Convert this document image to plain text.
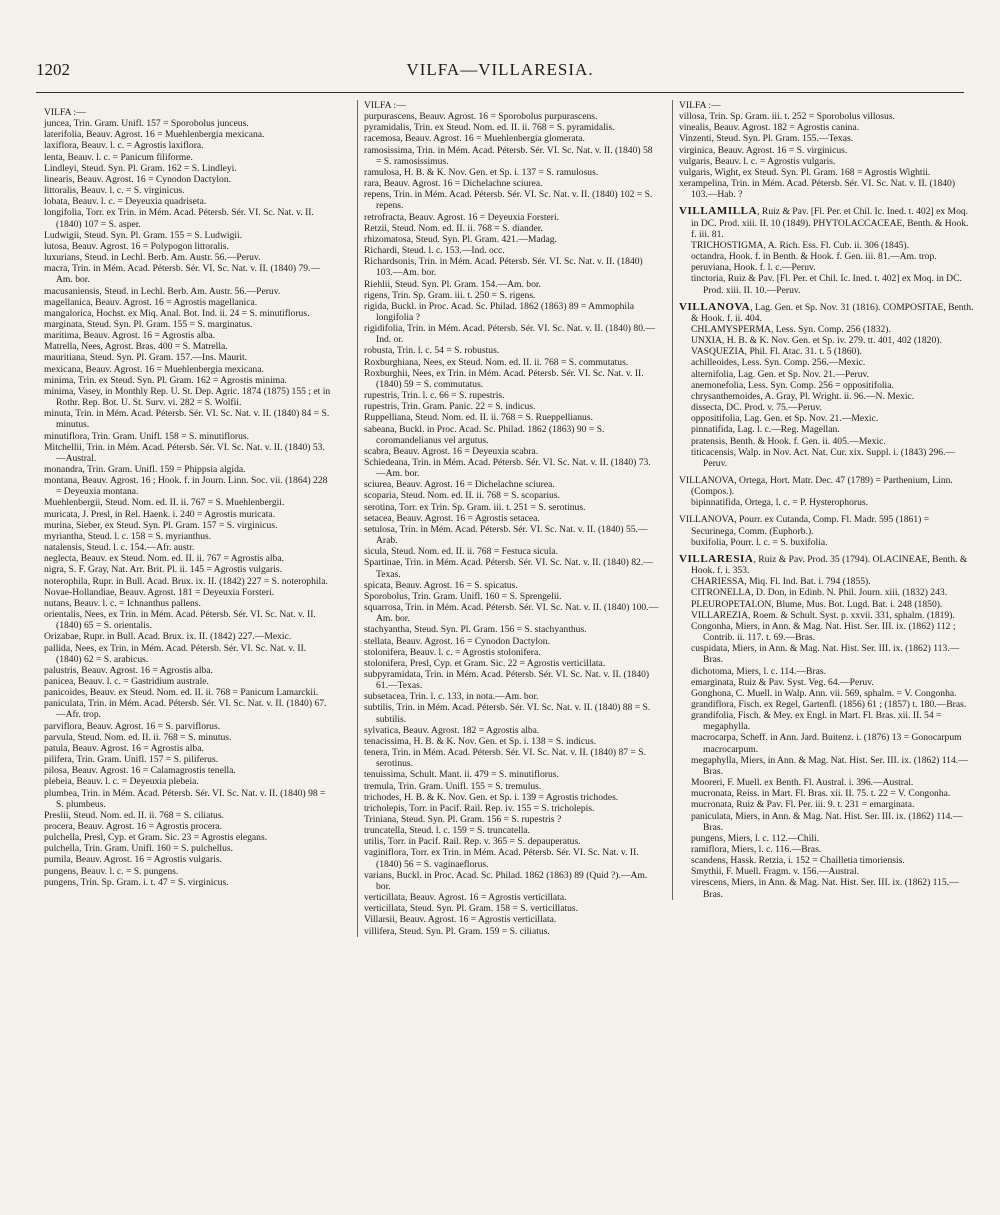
1202	VILFA—VILLARESIA.

VILFA :—

juncea, Trin. Gram. Unifl. 157 = Sporobolus junceus.

laterifolia, Beauv. Agrost. 16 = Muehlenbergia mexicana.

laxiflora, Beauv. l. c. = Agrostis laxiflora.

lenta, Beauv. l. c. = Panicum filiforme.

Lindleyi, Steud. Syn. Pl. Gram. 162 = S. Lindleyi.

linearis, Beauv. Agrost. 16 = Cynodon Dactylon.

littoralis, Beauv. l. c. = S. virginicus.

lobata, Beauv. l. c. = Deyeuxia quadriseta.

longifolia, Torr. ex Trin. in Mém. Acad. Pétersb. Sér. VI. Sc. Nat. v. II. (1840) 107 = S. asper.

Ludwigii, Steud. Syn. Pl. Gram. 155 = S. Ludwigii.

lutosa, Beauv. Agrost. 16 = Polypogon littoralis.

luxurians, Steud. in Lechl. Berb. Am. Austr. 56.—Peruv.

macra, Trin. in Mém. Acad. Pétersb. Sér. VI. Sc. Nat. v. II. (1840) 79.—Am. bor.

macusaniensis, Steud. in Lechl. Berb. Am. Austr. 56.—Peruv.

magellanica, Beauv. Agrost. 16 = Agrostis magellanica.

mangalorica, Hochst. ex Miq. Anal. Bot. Ind. ii. 24 = S. minutiflorus.

marginata, Steud. Syn. Pl. Gram. 155 = S. marginatus.

maritima, Beauv. Agrost. 16 = Agrostis alba.

Matrella, Nees, Agrost. Bras. 400 = S. Matrella.

mauritiana, Steud. Syn. Pl. Gram. 157.—Ins. Maurit.

mexicana, Beauv. Agrost. 16 = Muehlenbergia mexicana.

minima, Trin. ex Steud. Syn. Pl. Gram. 162 = Agrostis minima.

minima, Vasey, in Monthly Rep. U. St. Dep. Agric. 1874 (1875) 155 ; et in Rothr. Rep. Bot. U. St. Surv. vi. 282 = S. Wolfii.

minuta, Trin. in Mém. Acad. Pétersb. Sér. VI. Sc. Nat. v. II. (1840) 84 = S. minutus.

minutiflora, Trin. Gram. Unifl. 158 = S. minutiflorus.

Mitchellii, Trin. in Mém. Acad. Pétersb. Sér. VI. Sc. Nat. v. II. (1840) 53.—Austral.

monandra, Trin. Gram. Unifl. 159 = Phippsia algida.

montana, Beauv. Agrost. 16 ; Hook. f. in Journ. Linn. Soc. vii. (1864) 228 = Deyeuxia montana.

Muehlenbergii, Steud. Nom. ed. II. ii. 767 = S. Muehlenbergii.

muricata, J. Presl, in Rel. Haenk. i. 240 = Agrostis muricata.

murina, Sieber, ex Steud. Syn. Pl. Gram. 157 = S. virginicus.

myriantha, Steud. l. c. 158 = S. myrianthus.

natalensis, Steud. l. c. 154.—Afr. austr.

neglecta, Beauv. ex Steud. Nom. ed. II. ii. 767 = Agrostis alba.

nigra, S. F. Gray, Nat. Arr. Brit. Pl. ii. 145 = Agrostis vulgaris.

noterophila, Rupr. in Bull. Acad. Brux. ix. II. (1842) 227 = S. noterophila.

Novae-Hollandiae, Beauv. Agrost. 181 = Deyeuxia Forsteri.

nutans, Beauv. l. c. = Ichnanthus pallens.

orientalis, Nees, ex Trin. in Mém. Acad. Pétersb. Sér. VI. Sc. Nat. v. II. (1840) 65 = S. orientalis.

Orizabae, Rupr. in Bull. Acad. Brux. ix. II. (1842) 227.—Mexic.

pallida, Nees, ex Trin. in Mém. Acad. Pétersb. Sér. VI. Sc. Nat. v. II. (1840) 62 = S. arabicus.

palustris, Beauv. Agrost. 16 = Agrostis alba.

panicea, Beauv. l. c. = Gastridium australe.

panicoides, Beauv. ex Steud. Nom. ed. II. ii. 768 = Panicum Lamarckii.

paniculata, Trin. in Mém. Acad. Pétersb. Sér. VI. Sc. Nat. v. II. (1840) 67.—Afr. trop.

parviflora, Beauv. Agrost. 16 = S. parviflorus.

parvula, Steud. Nom. ed. II. ii. 768 = S. minutus.

patula, Beauv. Agrost. 16 = Agrostis alba.

pilifera, Trin. Gram. Unifl. 157 = S. piliferus.

pilosa, Beauv. Agrost. 16 = Calamagrostis tenella.

plebeia, Beauv. l. c. = Deyeuxia plebeia.

plumbea, Trin. in Mém. Acad. Pétersb. Sér. VI. Sc. Nat. v. II. (1840) 98 = S. plumbeus.

Preslii, Steud. Nom. ed. II. ii. 768 = S. ciliatus.

procera, Beauv. Agrost. 16 = Agrostis procera.

pulchella, Presl, Cyp. et Gram. Sic. 23 = Agrostis elegans.

pulchella, Trin. Gram. Unifl. 160 = S. pulchellus.

pumila, Beauv. Agrost. 16 = Agrostis vulgaris.

pungens, Beauv. l. c. = S. pungens.

pungens, Trin. Sp. Gram. i. t. 47 = S. virginicus.

VILFA :—

purpurascens, Beauv. Agrost. 16 = Sporobolus purpurascens.

pyramidalis, Trin. ex Steud. Nom. ed. II. ii. 768 = S. pyramidalis.

racemosa, Beauv. Agrost. 16 = Muehlenbergia glomerata.

ramosissima, Trin. in Mém. Acad. Pétersb. Sér. VI. Sc. Nat. v. II. (1840) 58 = S. ramosissimus.

ramulosa, H. B. & K. Nov. Gen. et Sp. i. 137 = S. ramulosus.

rara, Beauv. Agrost. 16 = Dichelachne sciurea.

repens, Trin. in Mém. Acad. Pétersb. Sér. VI. Sc. Nat. v. II. (1840) 102 = S. repens.

retrofracta, Beauv. Agrost. 16 = Deyeuxia Forsteri.

Retzii, Steud. Nom. ed. II. ii. 768 = S. diander.

rhizomatosa, Steud. Syn. Pl. Gram. 421.—Madag.

Richardi, Steud. l. c. 153.—Ind. occ.

Richardsonis, Trin. in Mém. Acad. Pétersb. Sér. VI. Sc. Nat. v. II. (1840) 103.—Am. bor.

Riehlii, Steud. Syn. Pl. Gram. 154.—Am. bor.

rigens, Trin. Sp. Gram. iii. t. 250 = S. rigens.

rigida, Buckl. in Proc. Acad. Sc. Philad. 1862 (1863) 89 = Ammophila longifolia ?

rigidifolia, Trin. in Mém. Acad. Pétersb. Sér. VI. Sc. Nat. v. II. (1840) 80.—Ind. or.

robusta, Trin. l. c. 54 = S. robustus.

Roxburghiana, Nees, ex Steud. Nom. ed. II. ii. 768 = S. commutatus.

Roxburghii, Nees, ex Trin. in Mém. Acad. Pétersb. Sér. VI. Sc. Nat. v. II. (1840) 59 = S. commutatus.

rupestris, Trin. l. c. 66 = S. rupestris.

rupestris, Trin. Gram. Panic. 22 = S. indicus.

Ruppelliana, Steud. Nom. ed. II. ii. 768 = S. Rueppellianus.

sabeana, Buckl. in Proc. Acad. Sc. Philad. 1862 (1863) 90 = S. coromandelianus vel argutus.

scabra, Beauv. Agrost. 16 = Deyeuxia scabra.

Schiedeana, Trin. in Mém. Acad. Pétersb. Sér. VI. Sc. Nat. v. II. (1840) 73.—Am. bor.

sciurea, Beauv. Agrost. 16 = Dichelachne sciurea.

scoparia, Steud. Nom. ed. II. ii. 768 = S. scoparius.

serotina, Torr. ex Trin. Sp. Gram. iii. t. 251 = S. serotinus.

setacea, Beauv. Agrost. 16 = Agrostis setacea.

setulosa, Trin. in Mém. Acad. Pétersb. Sér. VI. Sc. Nat. v. II. (1840) 55.—Arab.

sicula, Steud. Nom. ed. II. ii. 768 = Festuca sicula.

Spartinae, Trin. in Mém. Acad. Pétersb. Sér. VI. Sc. Nat. v. II. (1840) 82.—Texas.

spicata, Beauv. Agrost. 16 = S. spicatus.

Sporobolus, Trin. Gram. Unifl. 160 = S. Sprengelii.

squarrosa, Trin. in Mém. Acad. Pétersb. Sér. VI. Sc. Nat. v. II. (1840) 100.—Am. bor.

stachyantha, Steud. Syn. Pl. Gram. 156 = S. stachyanthus.

stellata, Beauv. Agrost. 16 = Cynodon Dactylon.

stolonifera, Beauv. l. c. = Agrostis stolonifera.

stolonifera, Presl, Cyp. et Gram. Sic. 22 = Agrostis verticillata.

subpyramidata, Trin. in Mém. Acad. Pétersb. Sér. VI. Sc. Nat. v. II. (1840) 61.—Texas.

subsetacea, Trin. l. c. 133, in nota.—Am. bor.

subtilis, Trin. in Mém. Acad. Pétersb. Sér. VI. Sc. Nat. v. II. (1840) 88 = S. subtilis.

sylvatica, Beauv. Agrost. 182 = Agrostis alba.

tenacissima, H. B. & K. Nov. Gen. et Sp. i. 138 = S. indicus.

tenera, Trin. in Mém. Acad. Pétersb. Sér. VI. Sc. Nat. v. II. (1840) 87 = S. serotinus.

tenuissima, Schult. Mant. ii. 479 = S. minutiflorus.

tremula, Trin. Gram. Unifl. 155 = S. tremulus.

trichodes, H. B. & K. Nov. Gen. et Sp. i. 139 = Agrostis trichodes.

tricholepis, Torr. in Pacif. Rail. Rep. iv. 155 = S. tricholepis.

Triniana, Steud. Syn. Pl. Gram. 156 = S. rupestris ?

truncatella, Steud. l. c. 159 = S. truncatella.

utilis, Torr. in Pacif. Rail. Rep. v. 365 = S. depauperatus.

vaginiflora, Torr. ex Trin. in Mém. Acad. Pétersb. Sér. VI. Sc. Nat. v. II. (1840) 56 = S. vaginaeflorus.

varians, Buckl. in Proc. Acad. Sc. Philad. 1862 (1863) 89 (Quid ?).—Am. bor.

verticillata, Beauv. Agrost. 16 = Agrostis verticillata.

verticillata, Steud. Syn. Pl. Gram. 158 = S. verticillatus.

Villarsii, Beauv. Agrost. 16 = Agrostis verticillata.

villifera, Steud. Syn. Pl. Gram. 159 = S. ciliatus.

VILFA :—

villosa, Trin. Sp. Gram. iii. t. 252 = Sporobolus villosus.

vinealis, Beauv. Agrost. 182 = Agrostis canina.

Vinzenti, Steud. Syn. Pl. Gram. 155.—Texas.

virginica, Beauv. Agrost. 16 = S. virginicus.

vulgaris, Beauv. l. c. = Agrostis vulgaris.

vulgaris, Wight, ex Steud. Syn. Pl. Gram. 168 = Agrostis Wightii.

xerampelina, Trin. in Mém. Acad. Pétersb. Sér. VI. Sc. Nat. v. II. (1840) 103.—Hab. ?

VILLAMILLA, Ruiz & Pav. [Fl. Per. et Chil. Ic. Ined. t. 402] ex Moq. in DC. Prod. xiii. II. 10 (1849). PHYTOLACCACEAE, Benth. & Hook. f. iii. 81.

TRICHOSTIGMA, A. Rich. Ess. Fl. Cub. ii. 306 (1845).

octandra, Hook. f. in Benth. & Hook. f. Gen. iii. 81.—Am. trop.

peruviana, Hook. f. l. c.—Peruv.

tinctoria, Ruiz & Pav. [Fl. Per. et Chil. Ic. Ined. t. 402] ex Moq. in DC. Prod. xiii. II. 10.—Peruv.

VILLANOVA, Lag. Gen. et Sp. Nov. 31 (1816). COMPOSITAE, Benth. & Hook. f. ii. 404.

CHLAMYSPERMA, Less. Syn. Comp. 256 (1832).

UNXIA, H. B. & K. Nov. Gen. et Sp. iv. 279. tt. 401, 402 (1820).

VASQUEZIA, Phil. Fl. Atac. 31. t. 5 (1860).

achilleoides, Less. Syn. Comp. 256.—Mexic.

alternifolia, Lag. Gen. et Sp. Nov. 21.—Peruv.

anemonefolia, Less. Syn. Comp. 256 = oppositifolia.

chrysanthemoides, A. Gray, Pl. Wright. ii. 96.—N. Mexic.

dissecta, DC. Prod. v. 75.—Peruv.

oppositifolia, Lag. Gen. et Sp. Nov. 21.—Mexic.

pinnatifida, Lag. l. c.—Reg. Magellan.

pratensis, Benth. & Hook. f. Gen. ii. 405.—Mexic.

titicacensis, Walp. in Nov. Act. Nat. Cur. xix. Suppl. i. (1843) 296.—Peruv.

VILLANOVA, Ortega, Hort. Matr. Dec. 47 (1789) = Parthenium, Linn. (Compos.).

bipinnatifida, Ortega, l. c. = P. Hysterophorus.

VILLANOVA, Pourr. ex Cutanda, Comp. Fl. Madr. 595 (1861) = Securinega, Comm. (Euphorb.).

buxifolia, Pourr. l. c. = S. buxifolia.

VILLARESIA, Ruiz & Pav. Prod. 35 (1794). OLACINEAE, Benth. & Hook. f. i. 353.

CHARIESSA, Miq. Fl. Ind. Bat. i. 794 (1855).

CITRONELLA, D. Don, in Edinb. N. Phil. Journ. xiii. (1832) 243.

PLEUROPETALON, Blume, Mus. Bot. Lugd. Bat. i. 248 (1850).

VILLAREZIA, Roem. & Schult. Syst. p. xxvii. 331, sphalm. (1819).

Congonha, Miers, in Ann. & Mag. Nat. Hist. Ser. III. ix. (1862) 112 ; Contrib. ii. 117. t. 69.—Bras.

cuspidata, Miers, in Ann. & Mag. Nat. Hist. Ser. III. ix. (1862) 113.—Bras.

dichotoma, Miers, l. c. 114.—Bras.

emarginata, Ruiz & Pav. Syst. Veg. 64.—Peruv.

Gonghona, C. Muell. in Walp. Ann. vii. 569, sphalm. = V. Congonha.

grandiflora, Fisch. ex Regel, Gartenfl. (1856) 61 ; (1857) t. 180.—Bras.

grandifolia, Fisch. & Mey. ex Engl. in Mart. Fl. Bras. xii. II. 54 = megaphylla.

macrocarpa, Scheff. in Ann. Jard. Buitenz. i. (1876) 13 = Gonocarpum macrocarpum.

megaphylla, Miers, in Ann. & Mag. Nat. Hist. Ser. III. ix. (1862) 114.—Bras.

Mooreri, F. Muell. ex Benth. Fl. Austral. i. 396.—Austral.

mucronata, Reiss. in Mart. Fl. Bras. xii. II. 75. t. 22 = V. Congonha.

mucronata, Ruiz & Pav. Fl. Per. iii. 9. t. 231 = emarginata.

paniculata, Miers, in Ann. & Mag. Nat. Hist. Ser. III. ix. (1862) 114.—Bras.

pungens, Miers, l. c. 112.—Chili.

ramiflora, Miers, l. c. 116.—Bras.

scandens, Hassk. Retzia, i. 152 = Chailletia timoriensis.

Smythii, F. Muell. Fragm. v. 156.—Austral.

virescens, Miers, in Ann. & Mag. Nat. Hist. Ser. III. ix. (1862) 115.—Bras.
